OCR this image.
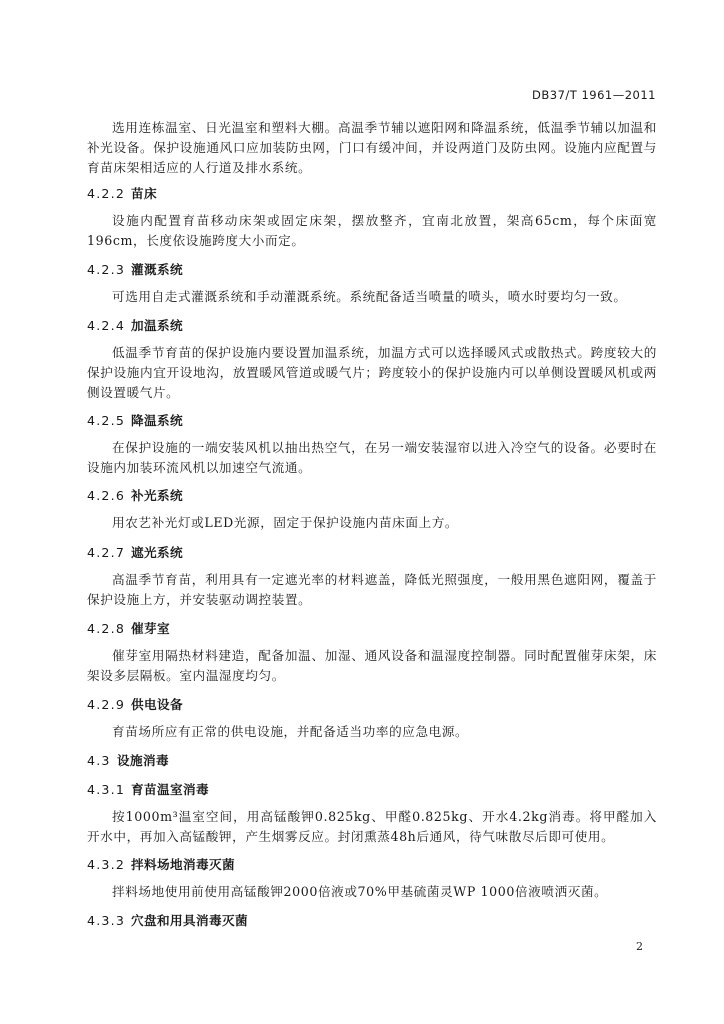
DB37/T 1961—2011

选用连栋温室、日光温室和塑料大棚。高温季节辅以遮阳网和降温系统，低温季节辅以加温和补光设备。保护设施通风口应加装防虫网，门口有缓冲间，并设两道门及防虫网。设施内应配置与育苗床架相适应的人行道及排水系统。

4.2.2 苗床

设施内配置育苗移动床架或固定床架，摆放整齐，宜南北放置，架高65cm，每个床面宽196cm，长度依设施跨度大小而定。

4.2.3 灌溉系统

可选用自走式灌溉系统和手动灌溉系统。系统配备适当喷量的喷头，喷水时要均匀一致。

4.2.4 加温系统

低温季节育苗的保护设施内要设置加温系统，加温方式可以选择暖风式或散热式。跨度较大的保护设施内宜开设地沟，放置暖风管道或暖气片；跨度较小的保护设施内可以单侧设置暖风机或两侧设置暖气片。

4.2.5 降温系统

在保护设施的一端安装风机以抽出热空气，在另一端安装湿帘以进入冷空气的设备。必要时在设施内加装环流风机以加速空气流通。

4.2.6 补光系统

用农艺补光灯或LED光源，固定于保护设施内苗床面上方。

4.2.7 遮光系统

高温季节育苗，利用具有一定遮光率的材料遮盖，降低光照强度，一般用黑色遮阳网，覆盖于保护设施上方，并安装驱动调控装置。

4.2.8 催芽室

催芽室用隔热材料建造，配备加温、加湿、通风设备和温湿度控制器。同时配置催芽床架，床架设多层隔板。室内温湿度均匀。

4.2.9 供电设备

育苗场所应有正常的供电设施，并配备适当功率的应急电源。

4.3 设施消毒
4.3.1 育苗温室消毒

按1000m³温室空间，用高锰酸钾0.825kg、甲醛0.825kg、开水4.2kg消毒。将甲醛加入开水中，再加入高锰酸钾，产生烟雾反应。封闭熏蒸48h后通风，待气味散尽后即可使用。

4.3.2 拌料场地消毒灭菌

拌料场地使用前使用高锰酸钾2000倍液或70%甲基硫菌灵WP 1000倍液喷洒灭菌。

4.3.3 穴盘和用具消毒灭菌
2
